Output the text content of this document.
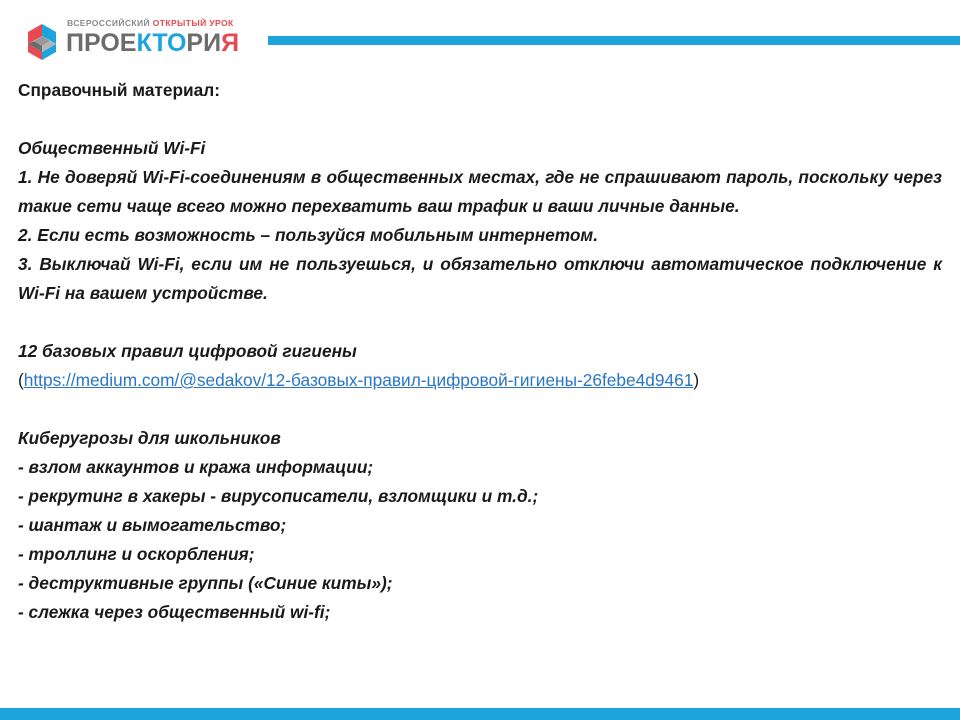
ВСЕРОССИЙСКИЙ ОТКРЫТЫЙ УРОК
ПРОЕКТОРИЯ

Справочный материал:

Общественный Wi-Fi

1. Не доверяй Wi-Fi-соединениям в общественных местах, где не спрашивают пароль, поскольку через такие сети чаще всего можно перехватить ваш трафик и ваши личные данные.

2. Если есть возможность – пользуйся мобильным интернетом.

3. Выключай Wi-Fi, если им не пользуешься, и обязательно отключи автоматическое подключение к Wi-Fi на вашем устройстве.

12 базовых правил цифровой гигиены

(https://medium.com/@sedakov/12-базовых-правил-цифровой-гигиены-26febe4d9461)

Киберугрозы для школьников

- взлом аккаунтов и кража информации;

- рекрутинг в хакеры - вирусописатели, взломщики и т.д.;

- шантаж и вымогательство;

- троллинг и оскорбления;

- деструктивные группы («Синие киты»);

- слежка через общественный wi-fi;
